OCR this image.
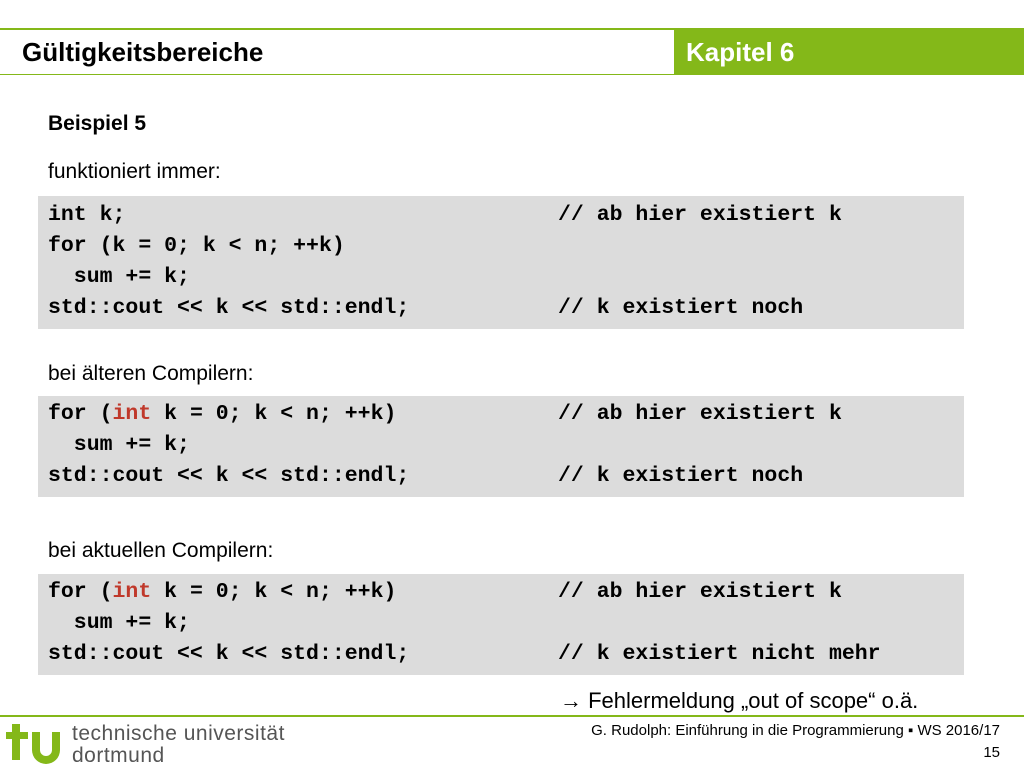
Gültigkeitsbereiche	Kapitel 6
Beispiel 5
funktioniert immer:
int k;	// ab hier existiert k
for (k = 0; k < n; ++k)
sum += k;
std::cout << k << std::endl;	// k existiert noch
bei älteren Compilern:
for (int k = 0; k < n; ++k)	// ab hier existiert k
sum += k;
std::cout << k << std::endl;	// k existiert noch
bei aktuellen Compilern:
for (int k = 0; k < n; ++k)	// ab hier existiert k
sum += k;
std::cout << k << std::endl;	// k existiert nicht mehr
→ Fehlermeldung „out of scope“ o.ä.
technische universität
dortmund
G. Rudolph: Einführung in die Programmierung ▪ WS 2016/17
15
